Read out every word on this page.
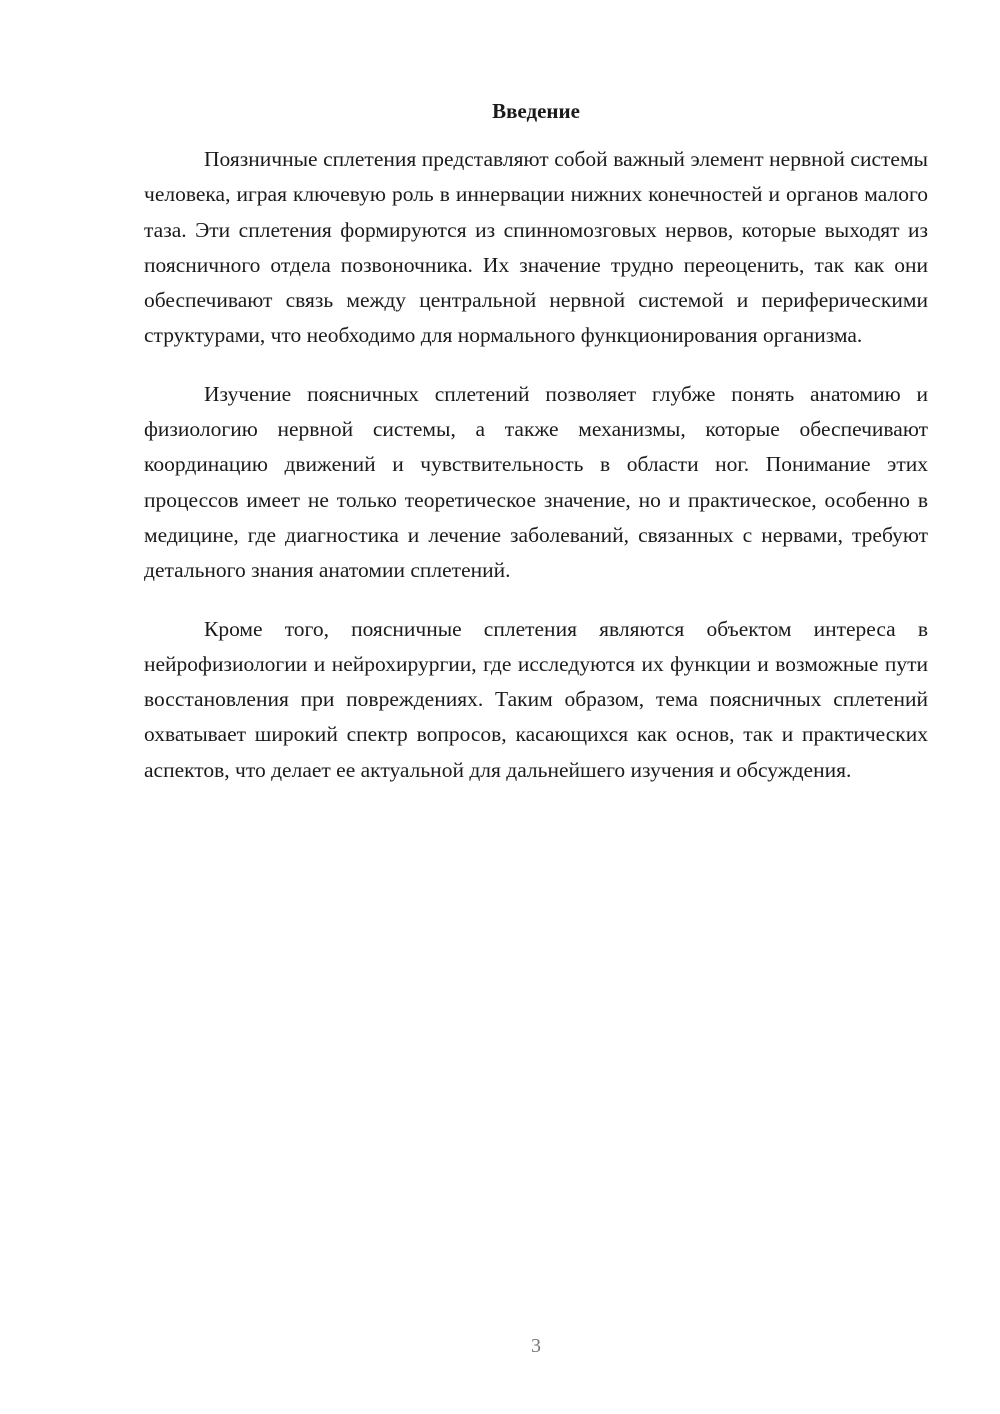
Введение

Поязничные сплетения представляют собой важный элемент нервной системы человека, играя ключевую роль в иннервации нижних конечностей и органов малого таза. Эти сплетения формируются из спинномозговых нервов, которые выходят из поясничного отдела позвоночника. Их значение трудно переоценить, так как они обеспечивают связь между центральной нервной системой и периферическими структурами, что необходимо для нормального функционирования организма.

Изучение поясничных сплетений позволяет глубже понять анатомию и физиологию нервной системы, а также механизмы, которые обеспечивают координацию движений и чувствительность в области ног. Понимание этих процессов имеет не только теоретическое значение, но и практическое, особенно в медицине, где диагностика и лечение заболеваний, связанных с нервами, требуют детального знания анатомии сплетений.

Кроме того, поясничные сплетения являются объектом интереса в нейрофизиологии и нейрохирургии, где исследуются их функции и возможные пути восстановления при повреждениях. Таким образом, тема поясничных сплетений охватывает широкий спектр вопросов, касающихся как основ, так и практических аспектов, что делает ее актуальной для дальнейшего изучения и обсуждения.

3
